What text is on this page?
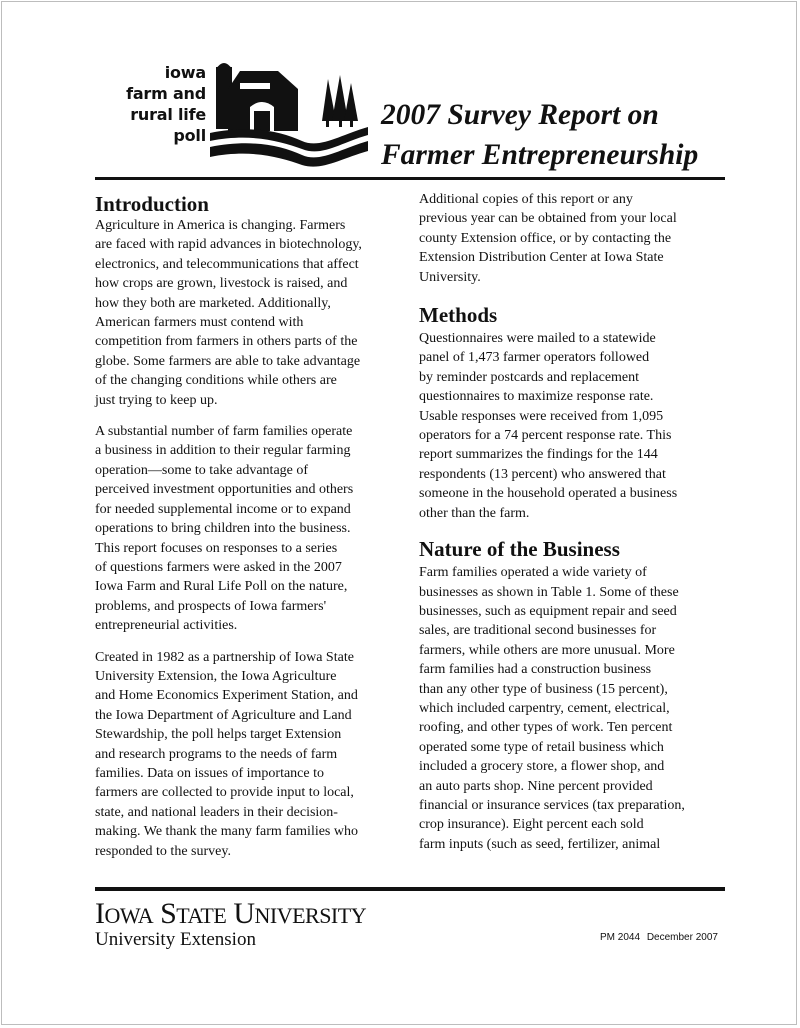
iowa
farm and
rural life
poll
2007 Survey Report on
Farmer Entrepreneurship
Introduction

Agriculture in America is changing. Farmers
are faced with rapid advances in biotechnology,
electronics, and telecommunications that affect
how crops are grown, livestock is raised, and
how they both are marketed. Additionally,
American farmers must contend with
competition from farmers in others parts of the
globe. Some farmers are able to take advantage
of the changing conditions while others are
just trying to keep up.

A substantial number of farm families operate
a business in addition to their regular farming
operation—some to take advantage of
perceived investment opportunities and others
for needed supplemental income or to expand
operations to bring children into the business.
This report focuses on responses to a series
of questions farmers were asked in the 2007
Iowa Farm and Rural Life Poll on the nature,
problems, and prospects of Iowa farmers'
entrepreneurial activities.

Created in 1982 as a partnership of Iowa State
University Extension, the Iowa Agriculture
and Home Economics Experiment Station, and
the Iowa Department of Agriculture and Land
Stewardship, the poll helps target Extension
and research programs to the needs of farm
families. Data on issues of importance to
farmers are collected to provide input to local,
state, and national leaders in their decision-
making. We thank the many farm families who
responded to the survey.

Additional copies of this report or any
previous year can be obtained from your local
county Extension office, or by contacting the
Extension Distribution Center at Iowa State
University.

Methods

Questionnaires were mailed to a statewide
panel of 1,473 farmer operators followed
by reminder postcards and replacement
questionnaires to maximize response rate.
Usable responses were received from 1,095
operators for a 74 percent response rate. This
report summarizes the findings for the 144
respondents (13 percent) who answered that
someone in the household operated a business
other than the farm.

Nature of the Business

Farm families operated a wide variety of
businesses as shown in Table 1. Some of these
businesses, such as equipment repair and seed
sales, are traditional second businesses for
farmers, while others are more unusual. More
farm families had a construction business
than any other type of business (15 percent),
which included carpentry, cement, electrical,
roofing, and other types of work. Ten percent
operated some type of retail business which
included a grocery store, a flower shop, and
an auto parts shop. Nine percent provided
financial or insurance services (tax preparation,
crop insurance). Eight percent each sold
farm inputs (such as seed, fertilizer, animal

IOWA STATE UNIVERSITY
University Extension	PM 2044 December 2007
